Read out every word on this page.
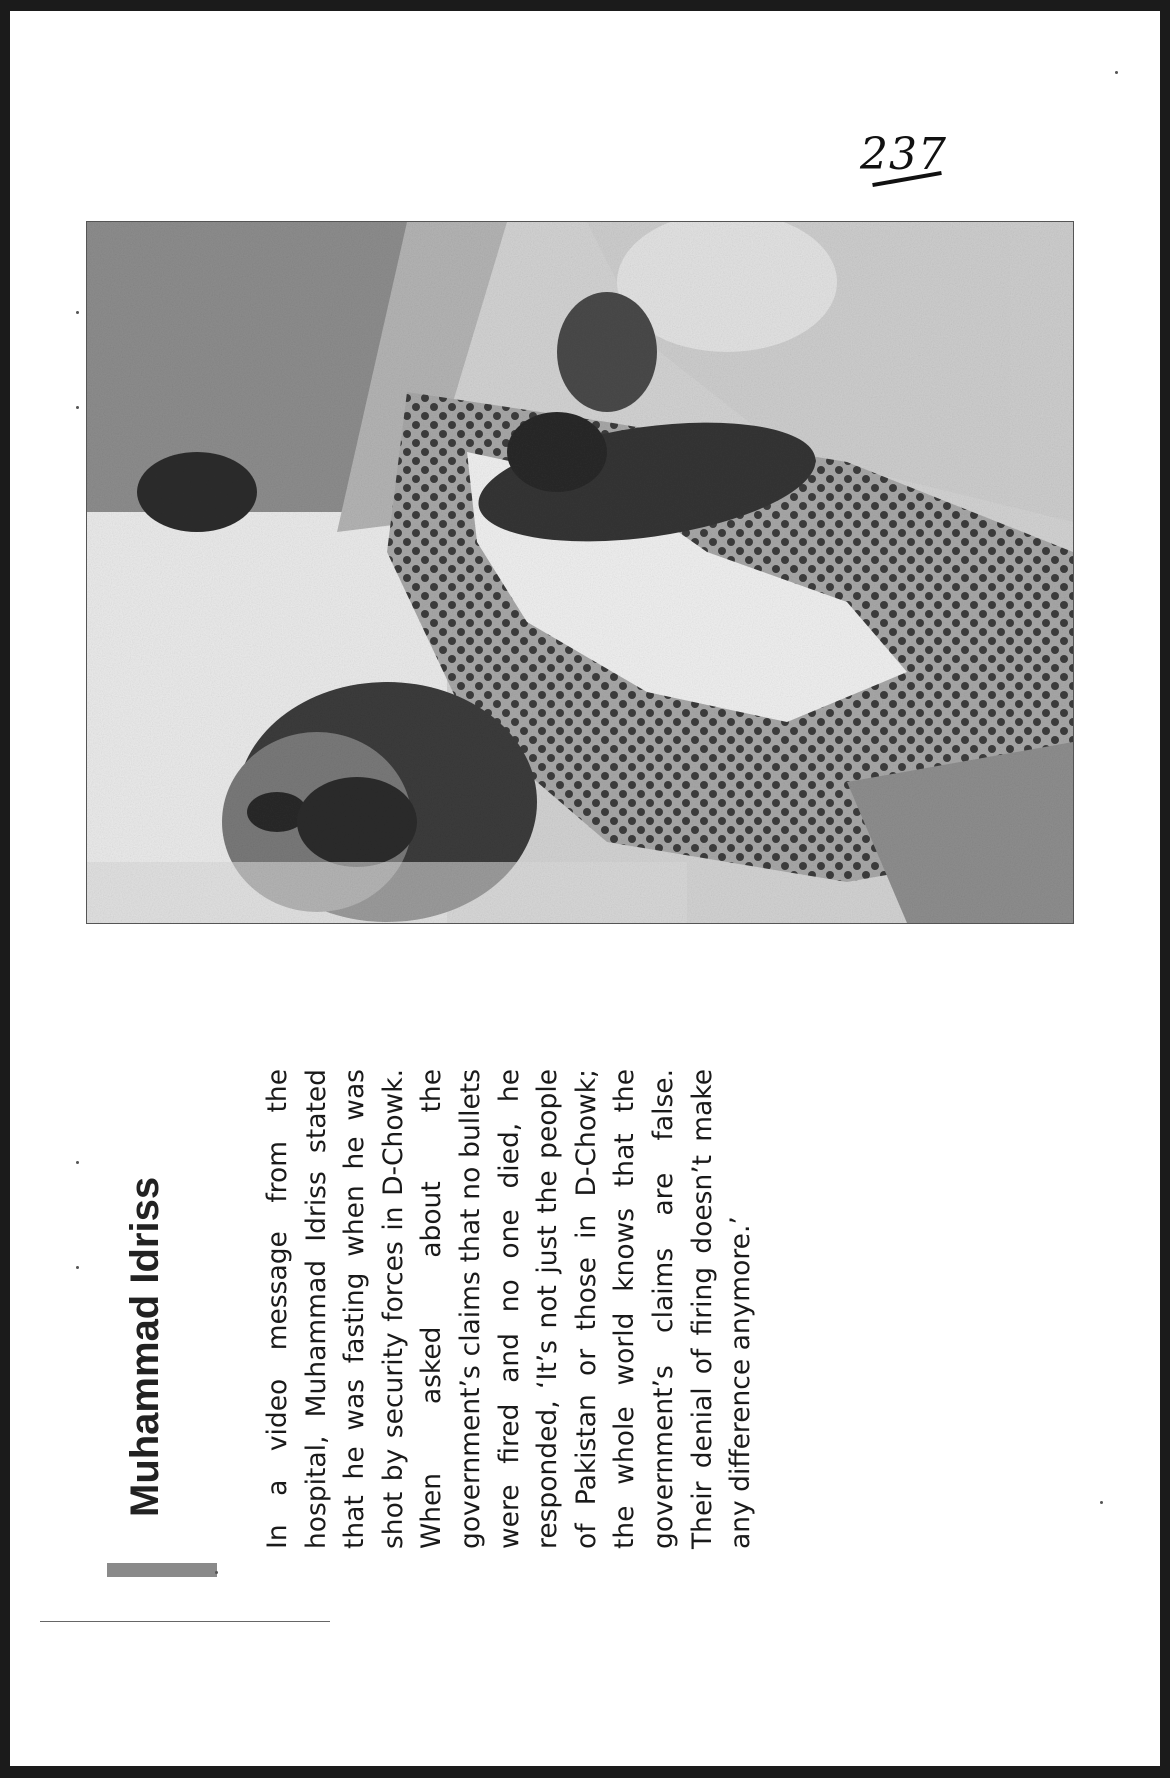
237
Muhammad Idriss	In a video message from the hospital, Muhammad Idriss stated that he was fasting when he was shot by security forces in D-Chowk. When asked about the government’s claims that no bullets were fired and no one died, he responded, ‘It’s not just the people of Pakistan or those in D-Chowk; the whole world knows that the government’s claims are false. Their denial of firing doesn’t make any difference anymore.’
